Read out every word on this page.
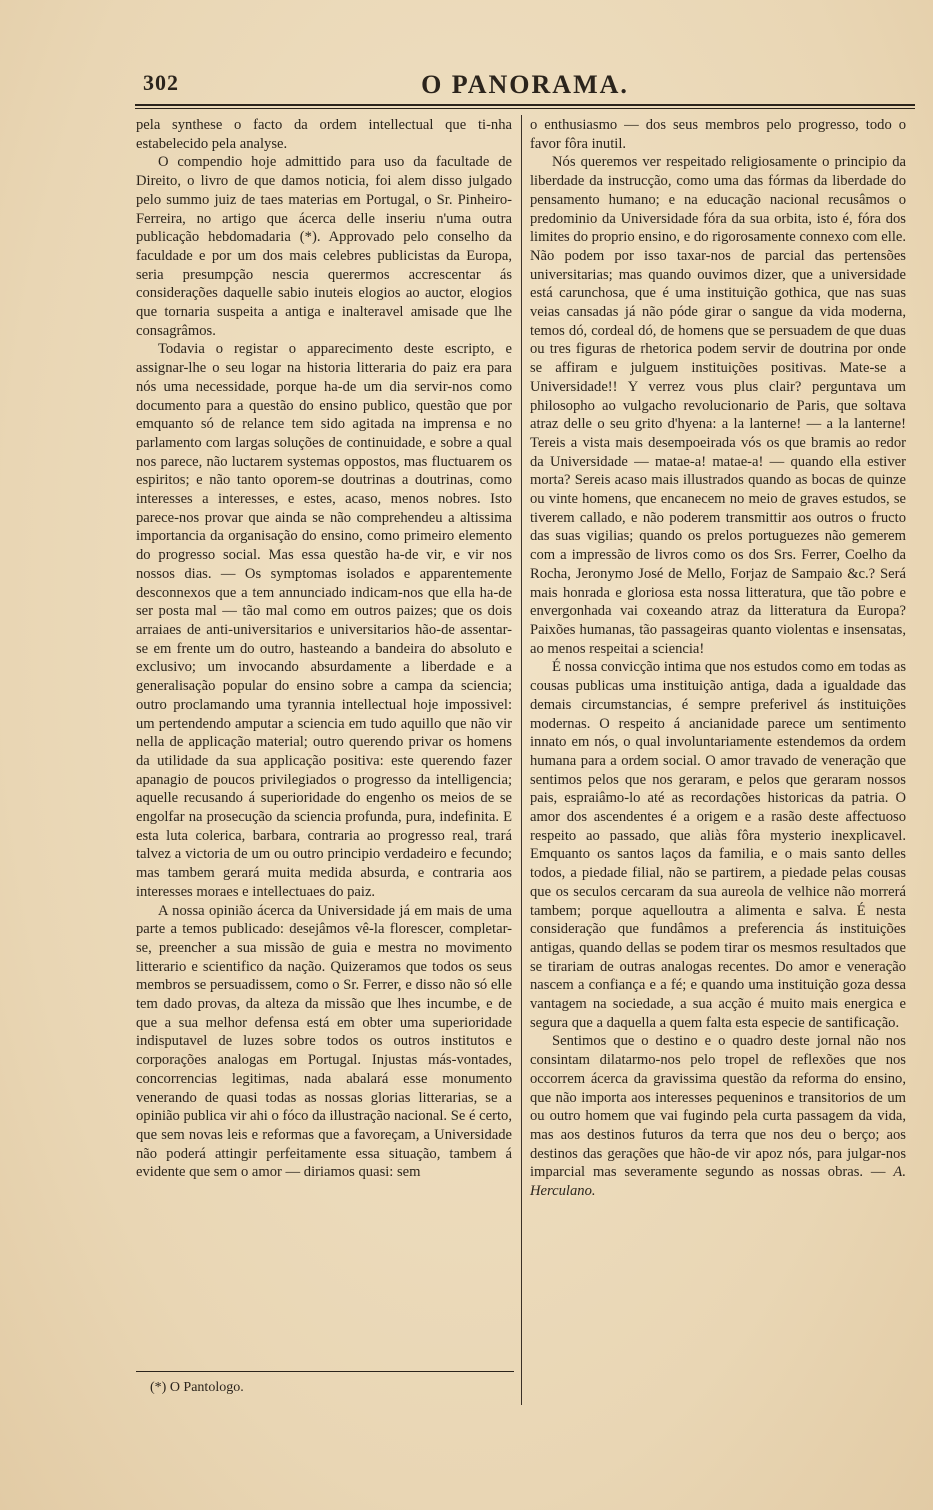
302	O PANORAMA.

pela synthese o facto da ordem intellectual que ti-nha estabelecido pela analyse.

O compendio hoje admittido para uso da facultade de Direito, o livro de que damos noticia, foi alem disso julgado pelo summo juiz de taes materias em Portugal, o Sr. Pinheiro-Ferreira, no artigo que ácerca delle inseriu n'uma outra publicação hebdomadaria (*). Approvado pelo conselho da faculdade e por um dos mais celebres publicistas da Europa, seria presumpção nescia querermos accrescentar ás considerações daquelle sabio inuteis elogios ao auctor, elogios que tornaria suspeita a antiga e inalteravel amisade que lhe consagrâmos.

Todavia o registar o apparecimento deste escripto, e assignar-lhe o seu logar na historia litteraria do paiz era para nós uma necessidade, porque ha-de um dia servir-nos como documento para a questão do ensino publico, questão que por emquanto só de relance tem sido agitada na imprensa e no parlamento com largas soluções de continuidade, e sobre a qual nos parece, não luctarem systemas oppostos, mas fluctuarem os espiritos; e não tanto oporem-se doutrinas a doutrinas, como interesses a interesses, e estes, acaso, menos nobres. Isto parece-nos provar que ainda se não comprehendeu a altissima importancia da organisação do ensino, como primeiro elemento do progresso social. Mas essa questão ha-de vir, e vir nos nossos dias. — Os symptomas isolados e apparentemente desconnexos que a tem annunciado indicam-nos que ella ha-de ser posta mal — tão mal como em outros paizes; que os dois arraiaes de anti-universitarios e universitarios hão-de assentar-se em frente um do outro, hasteando a bandeira do absoluto e exclusivo; um invocando absurdamente a liberdade e a generalisação popular do ensino sobre a campa da sciencia; outro proclamando uma tyrannia intellectual hoje impossivel: um pertendendo amputar a sciencia em tudo aquillo que não vir nella de applicação material; outro querendo privar os homens da utilidade da sua applicação positiva: este querendo fazer apanagio de poucos privilegiados o progresso da intelligencia; aquelle recusando á superioridade do engenho os meios de se engolfar na prosecução da sciencia profunda, pura, indefinita. E esta luta colerica, barbara, contraria ao progresso real, trará talvez a victoria de um ou outro principio verdadeiro e fecundo; mas tambem gerará muita medida absurda, e contraria aos interesses moraes e intellectuaes do paiz.

A nossa opinião ácerca da Universidade já em mais de uma parte a temos publicado: desejâmos vê-la florescer, completar-se, preencher a sua missão de guia e mestra no movimento litterario e scientifico da nação. Quizeramos que todos os seus membros se persuadissem, como o Sr. Ferrer, e disso não só elle tem dado provas, da alteza da missão que lhes incumbe, e de que a sua melhor defensa está em obter uma superioridade indisputavel de luzes sobre todos os outros institutos e corporações analogas em Portugal. Injustas más-vontades, concorrencias legitimas, nada abalará esse monumento venerando de quasi todas as nossas glorias litterarias, se a opinião publica vir ahi o fóco da illustração nacional. Se é certo, que sem novas leis e reformas que a favoreçam, a Universidade não poderá attingir perfeitamente essa situação, tambem á evidente que sem o amor — diriamos quasi: sem

o enthusiasmo — dos seus membros pelo progresso, todo o favor fôra inutil.

Nós queremos ver respeitado religiosamente o principio da liberdade da instrucção, como uma das fórmas da liberdade do pensamento humano; e na educação nacional recusâmos o predominio da Universidade fóra da sua orbita, isto é, fóra dos limites do proprio ensino, e do rigorosamente connexo com elle. Não podem por isso taxar-nos de parcial das pertensões universitarias; mas quando ouvimos dizer, que a universidade está carunchosa, que é uma instituição gothica, que nas suas veias cansadas já não póde girar o sangue da vida moderna, temos dó, cordeal dó, de homens que se persuadem de que duas ou tres figuras de rhetorica podem servir de doutrina por onde se affiram e julguem instituições positivas. Mate-se a Universidade!! Y verrez vous plus clair? perguntava um philosopho ao vulgacho revolucionario de Paris, que soltava atraz delle o seu grito d'hyena: a la lanterne! — a la lanterne! Tereis a vista mais desempoeirada vós os que bramis ao redor da Universidade — matae-a! matae-a! — quando ella estiver morta? Sereis acaso mais illustrados quando as bocas de quinze ou vinte homens, que encanecem no meio de graves estudos, se tiverem callado, e não poderem transmittir aos outros o fructo das suas vigilias; quando os prelos portuguezes não gemerem com a impressão de livros como os dos Srs. Ferrer, Coelho da Rocha, Jeronymo José de Mello, Forjaz de Sampaio &c.? Será mais honrada e gloriosa esta nossa litteratura, que tão pobre e envergonhada vai coxeando atraz da litteratura da Europa? Paixões humanas, tão passageiras quanto violentas e insensatas, ao menos respeitai a sciencia!

É nossa convicção intima que nos estudos como em todas as cousas publicas uma instituição antiga, dada a igualdade das demais circumstancias, é sempre preferivel ás instituições modernas. O respeito á ancianidade parece um sentimento innato em nós, o qual involuntariamente estendemos da ordem humana para a ordem social. O amor travado de veneração que sentimos pelos que nos geraram, e pelos que geraram nossos pais, espraiâmo-lo até as recordações historicas da patria. O amor dos ascendentes é a origem e a rasão deste affectuoso respeito ao passado, que aliàs fôra mysterio inexplicavel. Emquanto os santos laços da familia, e o mais santo delles todos, a piedade filial, não se partirem, a piedade pelas cousas que os seculos cercaram da sua aureola de velhice não morrerá tambem; porque aquelloutra a alimenta e salva. É nesta consideração que fundâmos a preferencia ás instituições antigas, quando dellas se podem tirar os mesmos resultados que se tirariam de outras analogas recentes. Do amor e veneração nascem a confiança e a fé; e quando uma instituição goza dessa vantagem na sociedade, a sua acção é muito mais energica e segura que a daquella a quem falta esta especie de santificação.

Sentimos que o destino e o quadro deste jornal não nos consintam dilatarmo-nos pelo tropel de reflexões que nos occorrem ácerca da gravissima questão da reforma do ensino, que não importa aos interesses pequeninos e transitorios de um ou outro homem que vai fugindo pela curta passagem da vida, mas aos destinos futuros da terra que nos deu o berço; aos destinos das gerações que hão-de vir apoz nós, para julgar-nos imparcial mas severamente segundo as nossas obras. — A. Herculano.

(*) O Pantologo.
